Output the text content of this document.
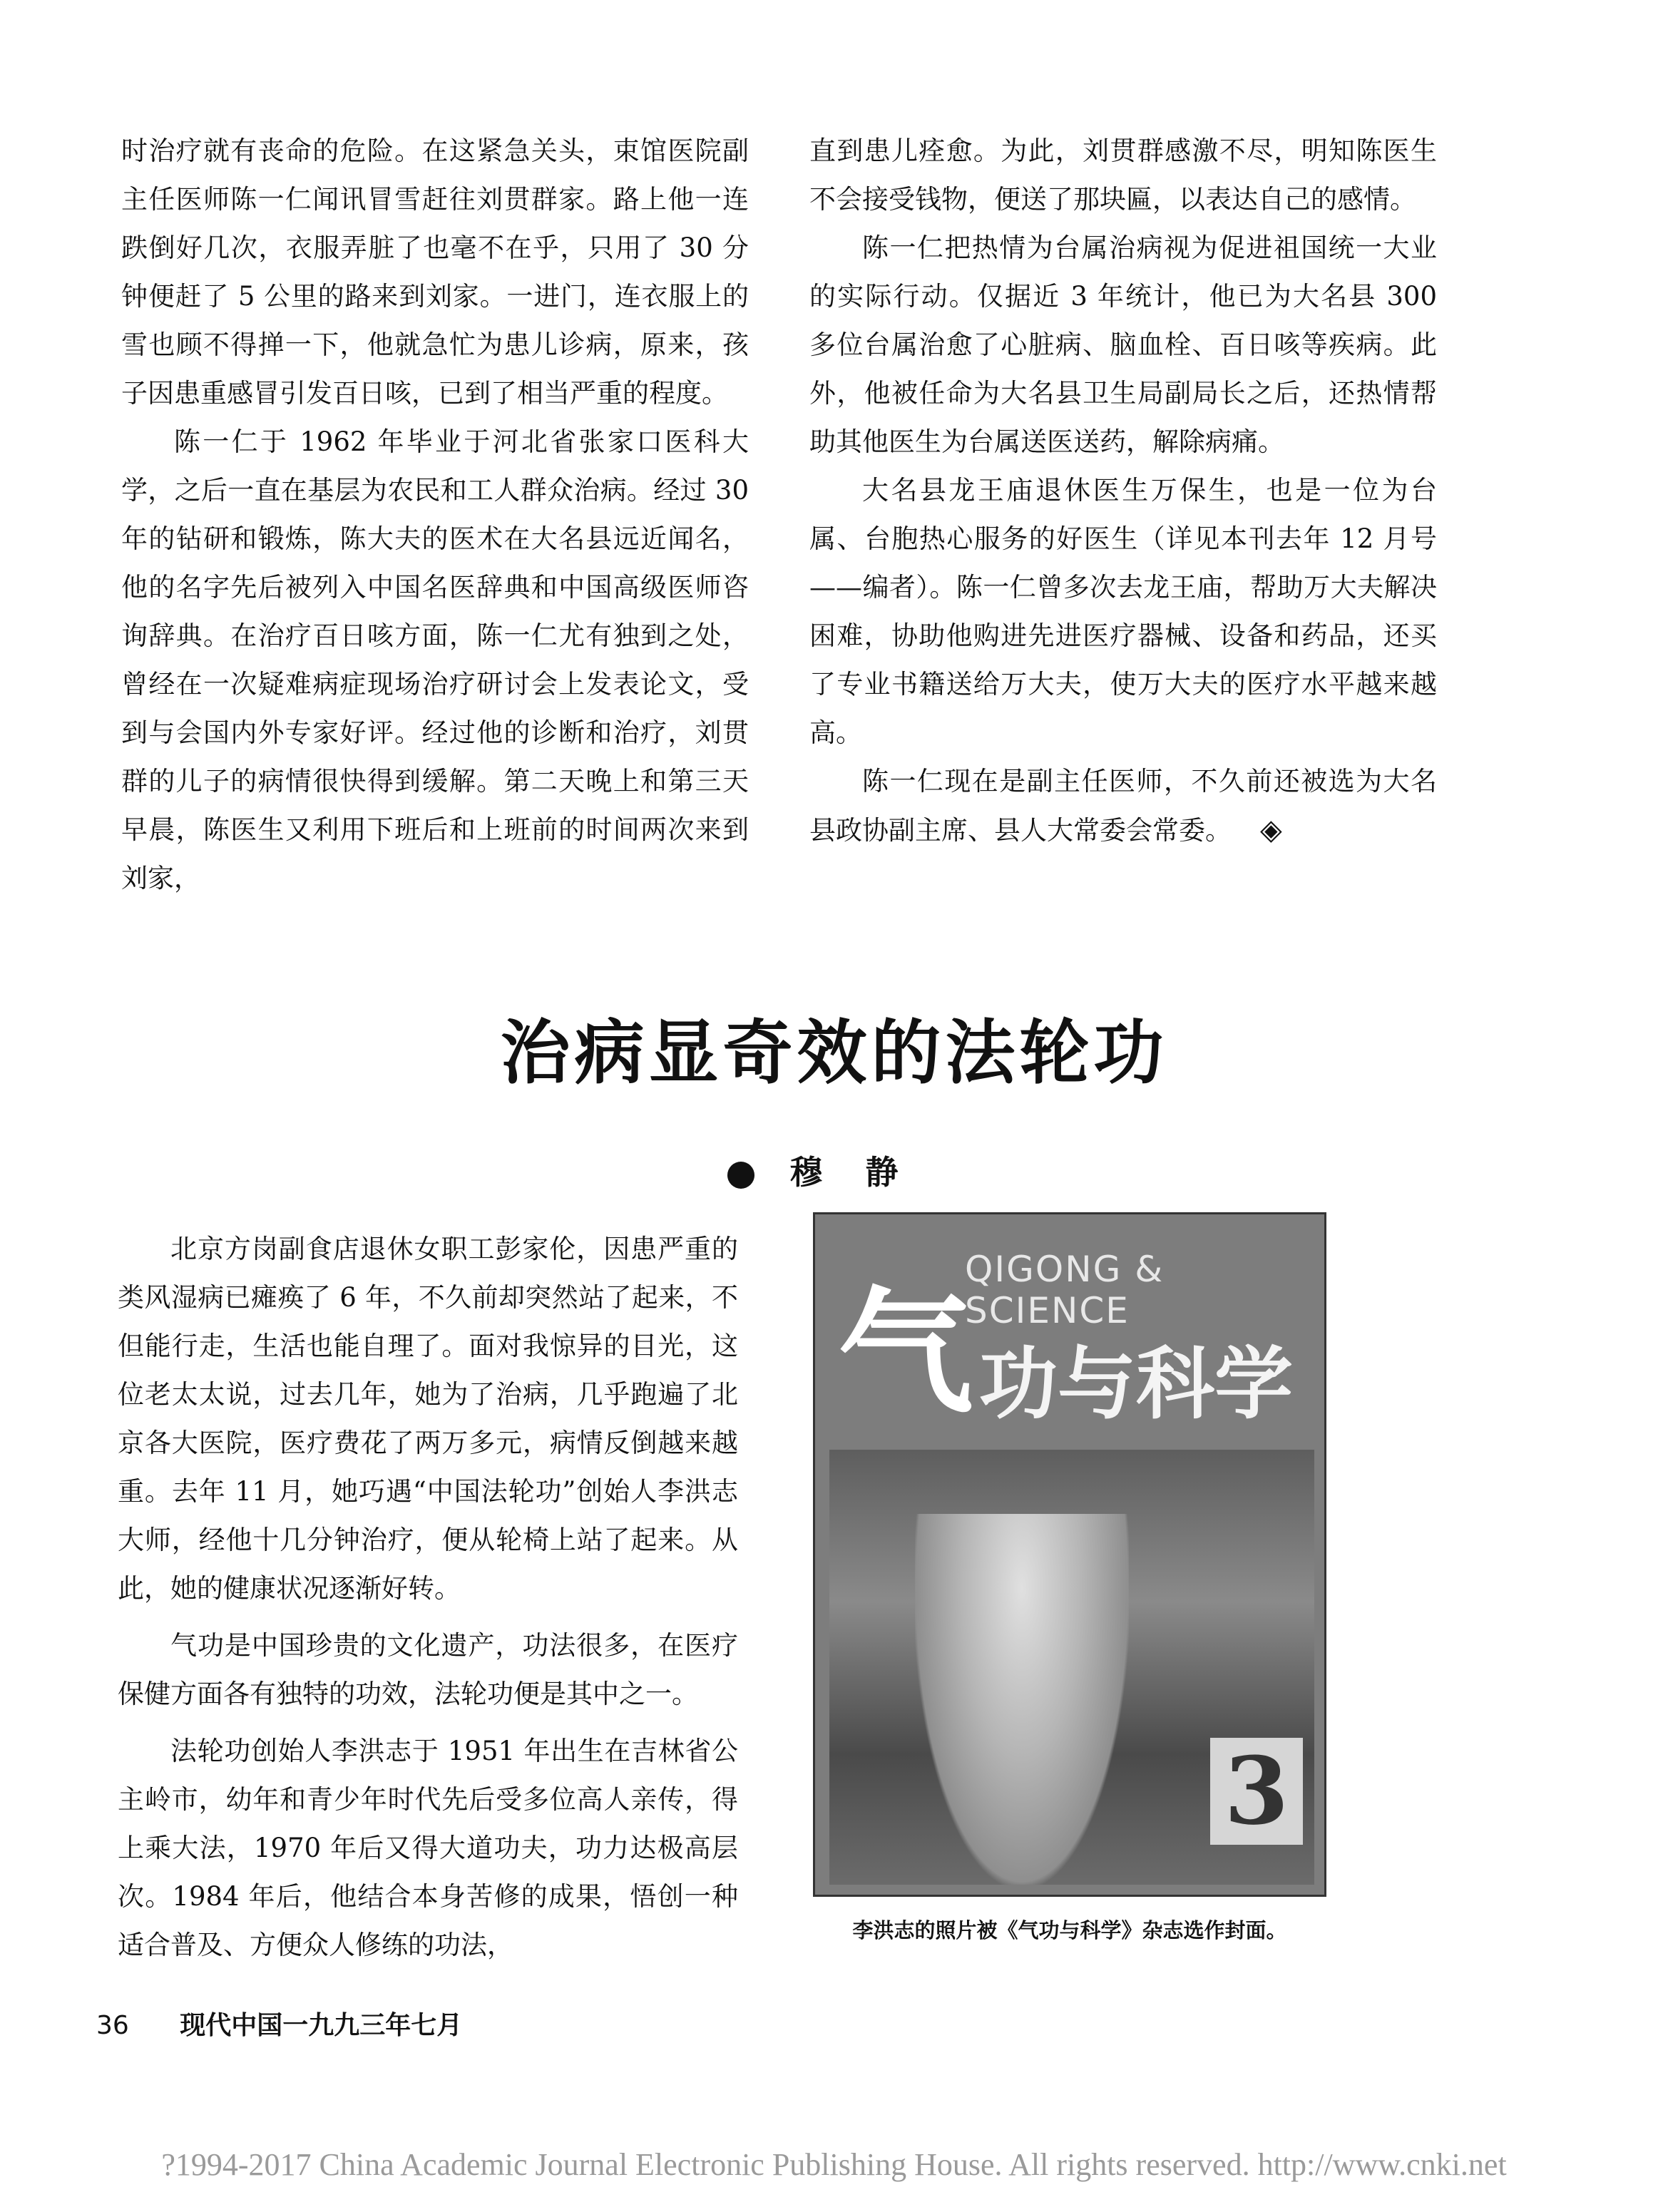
时治疗就有丧命的危险。在这紧急关头，束馆医院副主任医师陈一仁闻讯冒雪赶往刘贯群家。路上他一连跌倒好几次，衣服弄脏了也毫不在乎，只用了 30 分钟便赶了 5 公里的路来到刘家。一进门，连衣服上的雪也顾不得掸一下，他就急忙为患儿诊病，原来，孩子因患重感冒引发百日咳，已到了相当严重的程度。

陈一仁于 1962 年毕业于河北省张家口医科大学，之后一直在基层为农民和工人群众治病。经过 30 年的钻研和锻炼，陈大夫的医术在大名县远近闻名，他的名字先后被列入中国名医辞典和中国高级医师咨询辞典。在治疗百日咳方面，陈一仁尤有独到之处，曾经在一次疑难病症现场治疗研讨会上发表论文，受到与会国内外专家好评。经过他的诊断和治疗，刘贯群的儿子的病情很快得到缓解。第二天晚上和第三天早晨，陈医生又利用下班后和上班前的时间两次来到刘家，

直到患儿痊愈。为此，刘贯群感激不尽，明知陈医生不会接受钱物，便送了那块匾，以表达自己的感情。

陈一仁把热情为台属治病视为促进祖国统一大业的实际行动。仅据近 3 年统计，他已为大名县 300 多位台属治愈了心脏病、脑血栓、百日咳等疾病。此外，他被任命为大名县卫生局副局长之后，还热情帮助其他医生为台属送医送药，解除病痛。

大名县龙王庙退休医生万保生，也是一位为台属、台胞热心服务的好医生（详见本刊去年 12 月号——编者）。陈一仁曾多次去龙王庙，帮助万大夫解决困难，协助他购进先进医疗器械、设备和药品，还买了专业书籍送给万大夫，使万大夫的医疗水平越来越高。

陈一仁现在是副主任医师，不久前还被选为大名县政协副主席、县人大常委会常委。 ◈

治病显奇效的法轮功
穆静

北京方岗副食店退休女职工彭家伦，因患严重的类风湿病已瘫痪了 6 年，不久前却突然站了起来，不但能行走，生活也能自理了。面对我惊异的目光，这位老太太说，过去几年，她为了治病，几乎跑遍了北京各大医院，医疗费花了两万多元，病情反倒越来越重。去年 11 月，她巧遇“中国法轮功”创始人李洪志大师，经他十几分钟治疗，便从轮椅上站了起来。从此，她的健康状况逐渐好转。

气功是中国珍贵的文化遗产，功法很多，在医疗保健方面各有独特的功效，法轮功便是其中之一。

法轮功创始人李洪志于 1951 年出生在吉林省公主岭市，幼年和青少年时代先后受多位高人亲传，得上乘大法，1970 年后又得大道功夫，功力达极高层次。1984 年后，他结合本身苦修的成果，悟创一种适合普及、方便众人修练的功法，

QIGONG & SCIENCE
气 功与科学
3
李洪志的照片被《气功与科学》杂志选作封面。
36 现代中国一九九三年七月
?1994-2017 China Academic Journal Electronic Publishing House. All rights reserved. http://www.cnki.net
